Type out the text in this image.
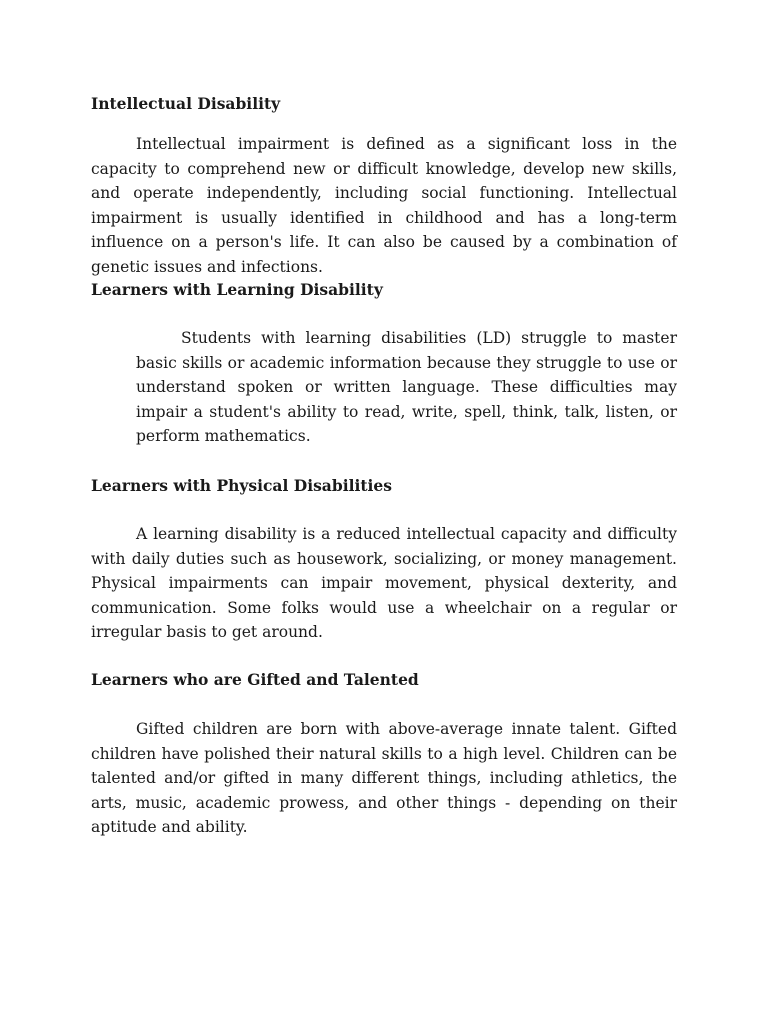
Intellectual Disability

Intellectual impairment is defined as a significant loss in the capacity to comprehend new or difficult knowledge, develop new skills, and operate independently, including social functioning. Intellectual impairment is usually identified in childhood and has a long-term influence on a person's life. It can also be caused by a combination of genetic issues and infections.

Learners with Learning Disability

Students with learning disabilities (LD) struggle to master basic skills or academic information because they struggle to use or understand spoken or written language. These difficulties may impair a student's ability to read, write, spell, think, talk, listen, or perform mathematics.

Learners with Physical Disabilities

A learning disability is a reduced intellectual capacity and difficulty with daily duties such as housework, socializing, or money management. Physical impairments can impair movement, physical dexterity, and communication. Some folks would use a wheelchair on a regular or irregular basis to get around.

Learners who are Gifted and Talented

Gifted children are born with above-average innate talent. Gifted children have polished their natural skills to a high level. Children can be talented and/or gifted in many different things, including athletics, the arts, music, academic prowess, and other things - depending on their aptitude and ability.
